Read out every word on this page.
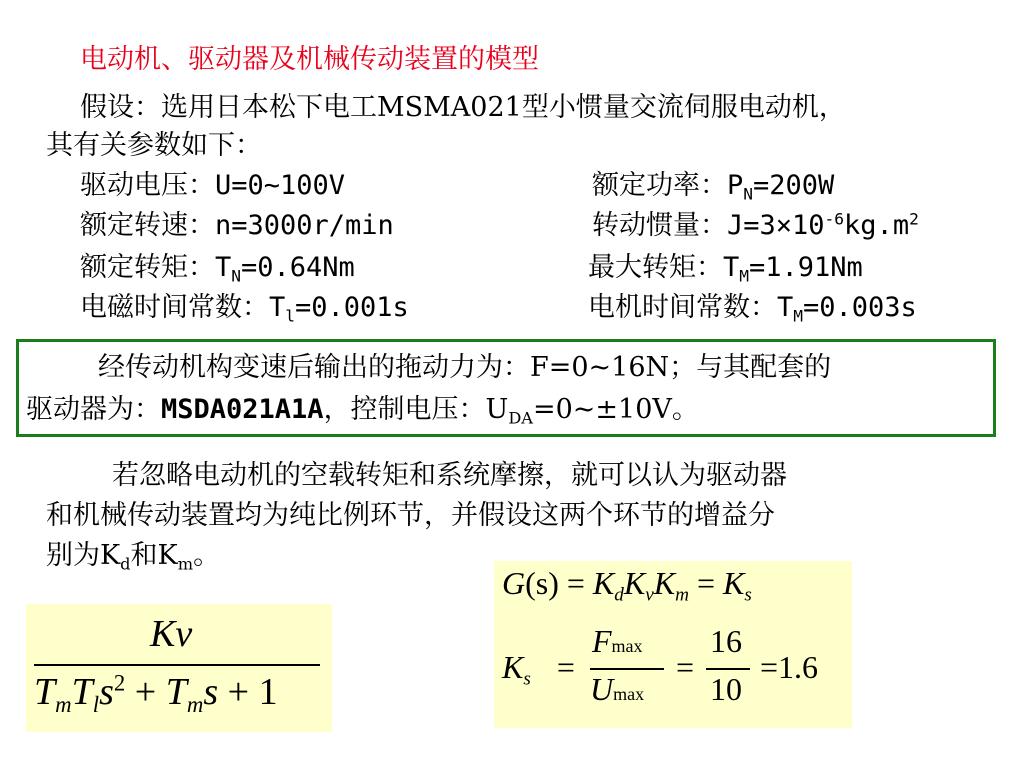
电动机、驱动器及机械传动装置的模型
假设：选用日本松下电工MSMA021型小惯量交流伺服电动机，
其有关参数如下：
驱动电压：U=0~100V	额定功率：$P_N=200W$
额定转速：n=3000r/min	转动惯量：$J=3\times 10^{-6}kg.m^2$
额定转矩：$T_N=0.64Nm$	最大转矩：$T_M=1.91Nm$
电磁时间常数：$T_l=0.001s$	电机时间常数：$T_M=0.003s$
经传动机构变速后输出的拖动力为：F=0~16N；与其配套的
驱动器为：MSDA021A1A，控制电压：$U_{DA}=0\sim\pm 10V$。
若忽略电动机的空载转矩和系统摩擦，就可以认为驱动器
和机械传动装置均为纯比例环节，并假设这两个环节的增益分
别为$K_d$和$K_m$。
Kv
$T_mT_ls^2 + T_ms + 1$
$G(s) = K_dK_vK_m = K_s$
$K_s$ =
Fmax
Umax
=
16
10
=1.6
